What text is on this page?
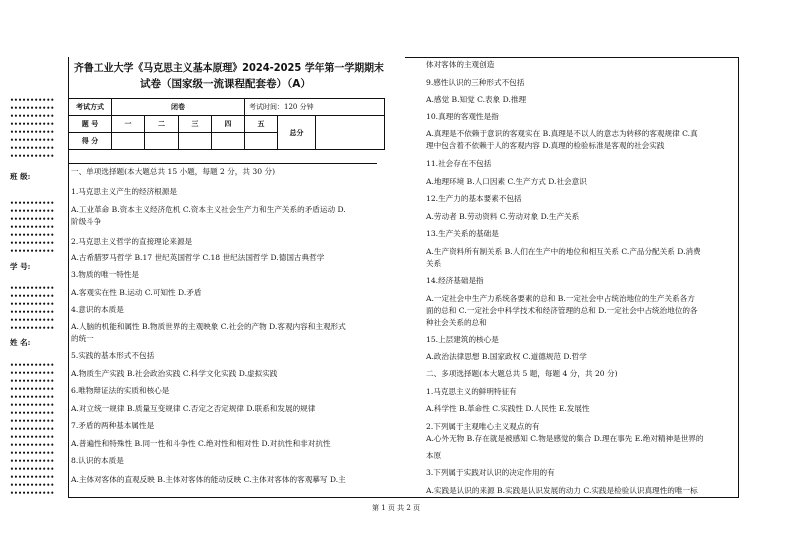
齐鲁工业大学《马克思主义基本原理》2024-2025 学年第一学期期末
试卷（国家级一流课程配套卷）（A）
考试方式	闭卷				考试时间：120 分钟		
题 号	一	二	三	四	五	总分	
得 分							
班 级:
学 号:
姓 名:
•••••••••••
•••••••••••
•••••••••••
•••••••••••
•••••••••••
•••••••••••
•••••••••••
•••••••••••
•••••••••••
•••••••••••
•••••••••••
•••••••••••
•••••••••••
•••••••••••
•••••••••••
•••••••••••
•••••••••••
•••••••••••
•••••••••••
•••••••••••
•••••••••••
•••••••••••
•••••••••••
•••••••••••
•••••••••••
•••••••••••
•••••••••••
•••••••••••
•••••••••••
•••••••••••
•••••••••••
•••••••••••
•••••••••••
•••••••••••
•••••••••••
•••••••••••
•••••••••••
•••••••••••
一、单项选择题(本大题总共 15 小题，每题 2 分，共 30 分)
1.马克思主义产生的经济根源是
A.工业革命 B.资本主义经济危机 C.资本主义社会生产力和生产关系的矛盾运动 D.
阶级斗争
2.马克思主义哲学的直接理论来源是
A.古希腊罗马哲学 B.17 世纪英国哲学 C.18 世纪法国哲学 D.德国古典哲学
3.物质的唯一特性是
A.客观实在性 B.运动 C.可知性 D.矛盾
4.意识的本质是
A.人脑的机能和属性 B.物质世界的主观映象 C.社会的产物 D.客观内容和主观形式
的统一
5.实践的基本形式不包括
A.物质生产实践 B.社会政治实践 C.科学文化实践 D.虚拟实践
6.唯物辩证法的实质和核心是
A.对立统一规律 B.质量互变规律 C.否定之否定规律 D.联系和发展的规律
7.矛盾的两种基本属性是
A.普遍性和特殊性 B.同一性和斗争性 C.绝对性和相对性 D.对抗性和非对抗性
8.认识的本质是
A.主体对客体的直观反映 B.主体对客体的能动反映 C.主体对客体的客观摹写 D.主
体对客体的主观创造
9.感性认识的三种形式不包括
A.感觉 B.知觉 C.表象 D.推理
10.真理的客观性是指
A.真理是不依赖于意识的客观实在 B.真理是不以人的意志为转移的客观规律 C.真
理中包含着不依赖于人的客观内容 D.真理的检验标准是客观的社会实践
11.社会存在不包括
A.地理环境 B.人口因素 C.生产方式 D.社会意识
12.生产力的基本要素不包括
A.劳动者 B.劳动资料 C.劳动对象 D.生产关系
13.生产关系的基础是
A.生产资料所有制关系 B.人们在生产中的地位和相互关系 C.产品分配关系 D.消费
关系
14.经济基础是指
A.一定社会中生产力系统各要素的总和 B.一定社会中占统治地位的生产关系各方
面的总和 C.一定社会中科学技术和经济管理的总和 D.一定社会中占统治地位的各
种社会关系的总和
15.上层建筑的核心是
A.政治法律思想 B.国家政权 C.道德规范 D.哲学
二、多项选择题(本大题总共 5 题，每题 4 分，共 20 分)
1.马克思主义的鲜明特征有
A.科学性 B.革命性 C.实践性 D.人民性 E.发展性
2.下列属于主观唯心主义观点的有
A.心外无物 B.存在就是被感知 C.物是感觉的集合 D.理在事先 E.绝对精神是世界的
本原
3.下列属于实践对认识的决定作用的有
A.实践是认识的来源 B.实践是认识发展的动力 C.实践是检验认识真理性的唯一标
第 1 页 共 2 页
